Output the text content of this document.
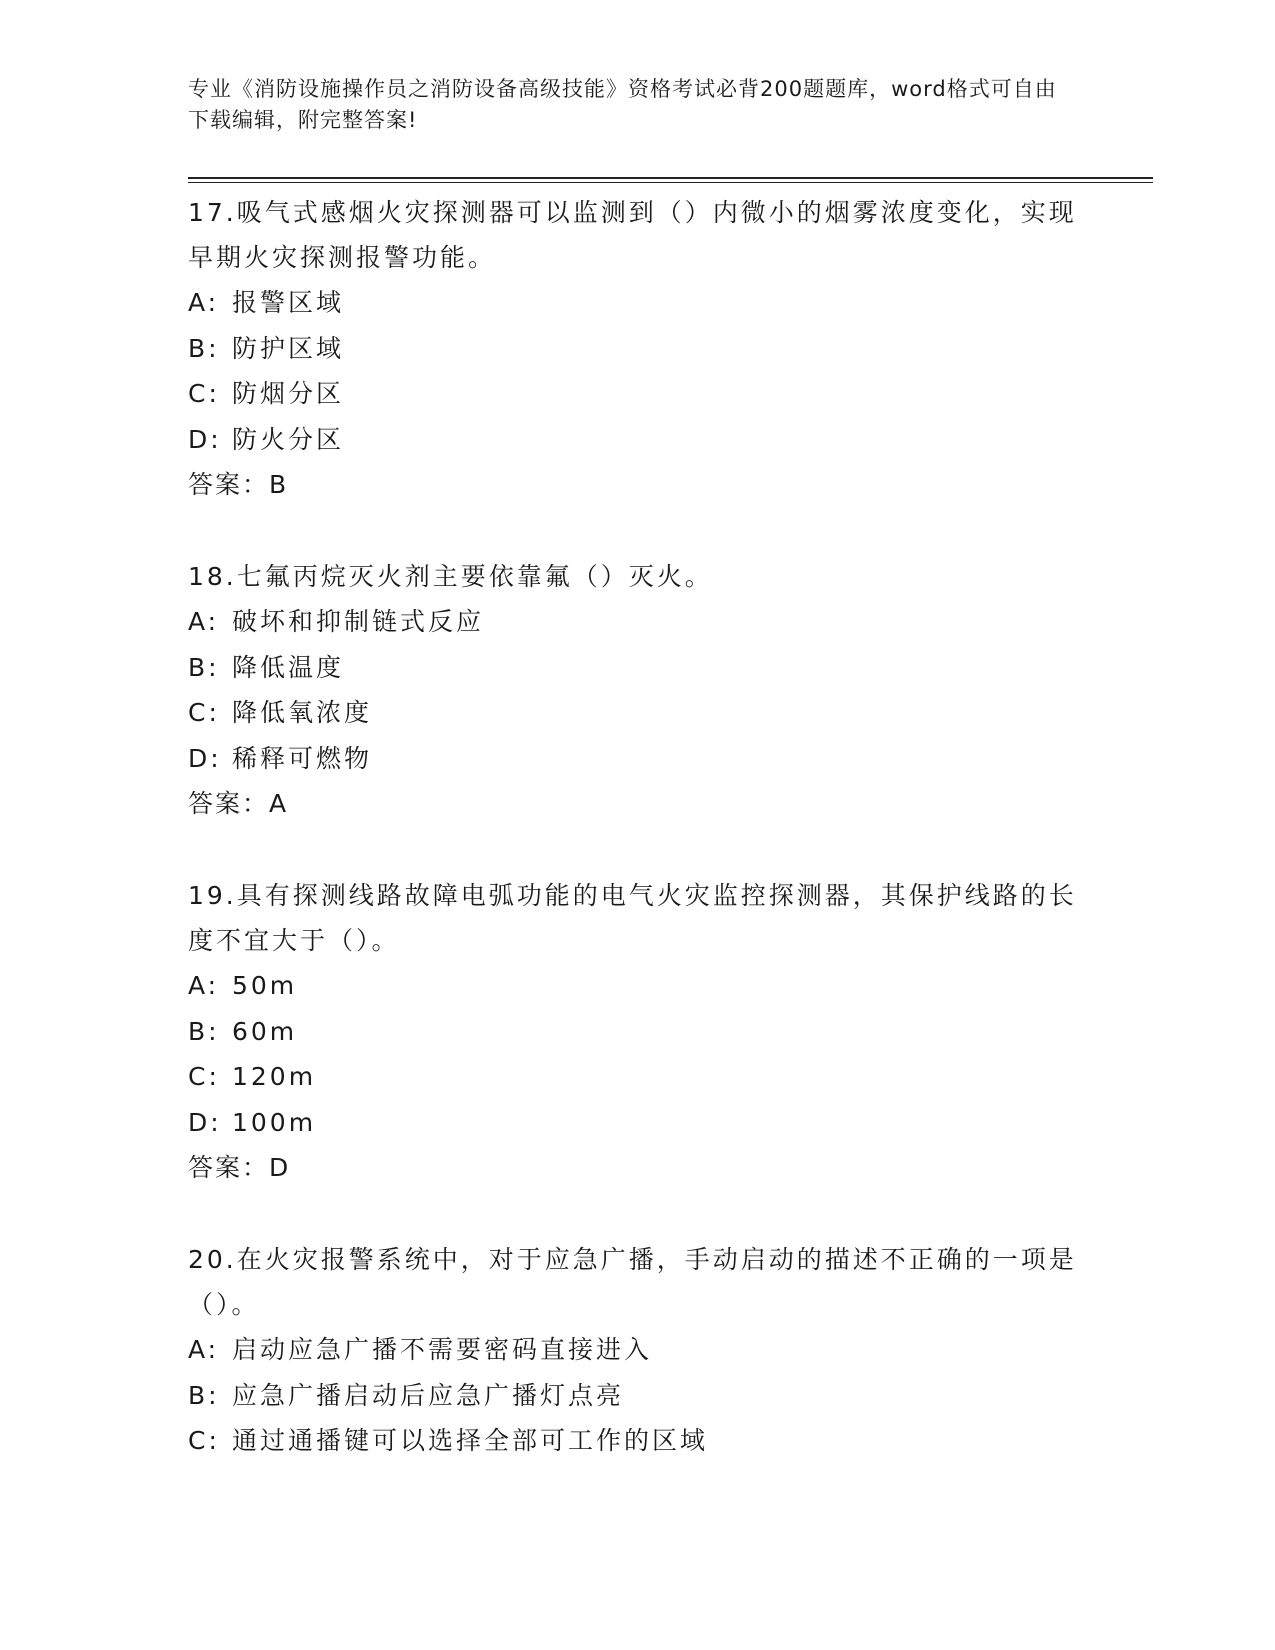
专业《消防设施操作员之消防设备高级技能》资格考试必背200题题库，word格式可自由下载编辑，附完整答案!

17.吸气式感烟火灾探测器可以监测到（）内微小的烟雾浓度变化，实现早期火灾探测报警功能。

A: 报警区域

B: 防护区域

C: 防烟分区

D: 防火分区

答案：B

18.七氟丙烷灭火剂主要依靠氟（）灭火。

A: 破坏和抑制链式反应

B: 降低温度

C: 降低氧浓度

D: 稀释可燃物

答案：A

19.具有探测线路故障电弧功能的电气火灾监控探测器，其保护线路的长度不宜大于（）。

A: 50m

B: 60m

C: 120m

D: 100m

答案：D

20.在火灾报警系统中，对于应急广播，手动启动的描述不正确的一项是（）。

A: 启动应急广播不需要密码直接进入

B: 应急广播启动后应急广播灯点亮

C: 通过通播键可以选择全部可工作的区域
